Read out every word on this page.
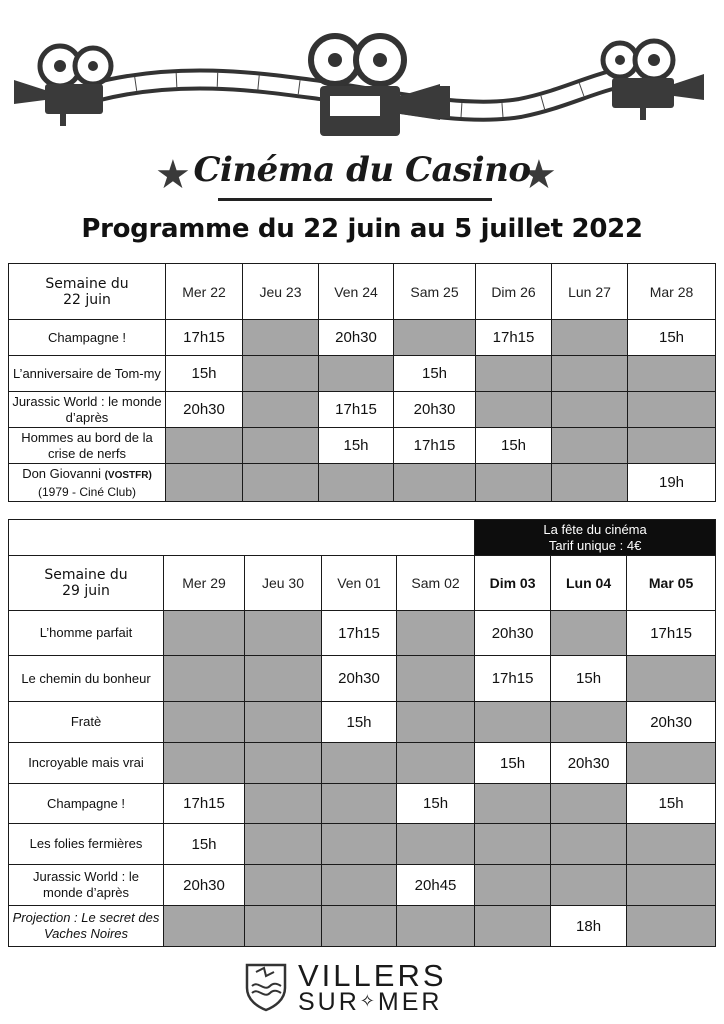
★	★
Cinéma du Casino
Programme du 22 juin au 5 juillet 2022
Semaine du
22 juin	Mer 22	Jeu 23	Ven 24	Sam 25	Dim 26	Lun 27	Mar 28
Champagne !	17h15		20h30		17h15		15h
L’anniversaire de Tom-my	15h			15h			
Jurassic World : le monde d’après	20h30		17h15	20h30			
Hommes au bord de la crise de nerfs			15h	17h15	15h		
Don Giovanni (VOSTFR)
(1979 - Ciné Club)							19h
					La fête du cinéma
Tarif unique : 4€		
Semaine du
29 juin	Mer 29	Jeu 30	Ven 01	Sam 02	Dim 03	Lun 04	Mar 05
L’homme parfait			17h15		20h30		17h15
Le chemin du bonheur			20h30		17h15	15h	
Fratè			15h				20h30
Incroyable mais vrai					15h	20h30	
Champagne !	17h15			15h			15h
Les folies fermières	15h						
Jurassic World : le monde d’après	20h30			20h45			
Projection : Le secret des Vaches Noires						18h	
VILLERS
SUR✧MER
